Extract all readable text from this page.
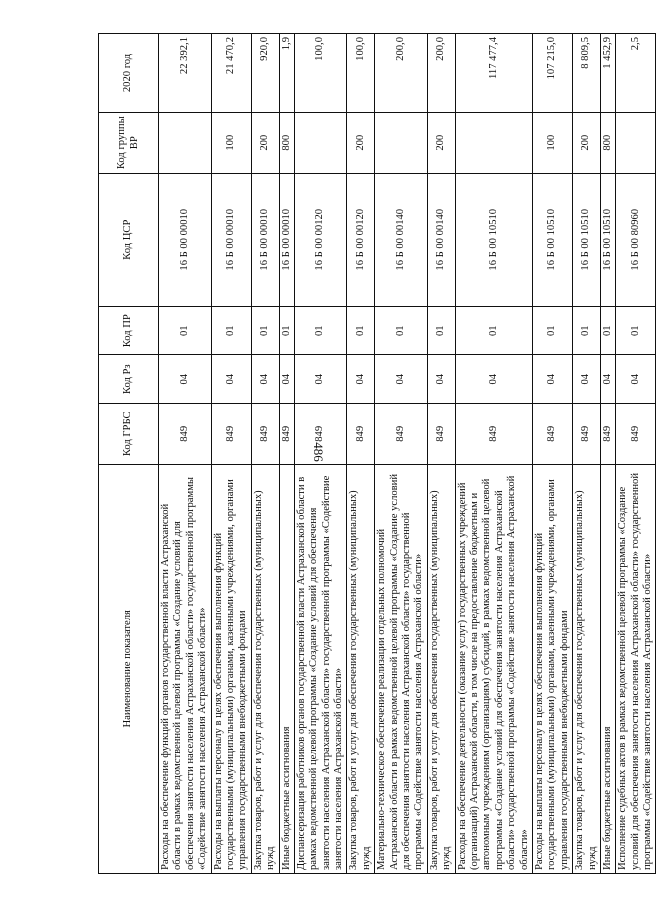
486
Наименование показателя	Код ГРБС	Код Рз	Код ПР	Код ЦСР	Код группы ВР	2020 год
Расходы на обеспечение функций органов государственной власти Астраханской области в рамках ведомственной целевой программы «Создание условий для обеспечения занятости населения Астраханской области» государственной программы «Содействие занятости населения Астраханской области»	849	04	01	16 Б 00 00010		22 392,1
Расходы на выплаты персоналу в целях обеспечения выполнения функций государственными (муниципальными) органами, казенными учреждениями, органами управления государственными внебюджетными фондами	849	04	01	16 Б 00 00010	100	21 470,2
Закупка товаров, работ и услуг для обеспечения государственных (муниципальных) нужд	849	04	01	16 Б 00 00010	200	920,0
Иные бюджетные ассигнования	849	04	01	16 Б 00 00010	800	1,9
Диспансеризация работников органов государственной власти Астраханской области в рамках ведомственной целевой программы «Создание условий для обеспечения занятости населения Астраханской области» государственной программы «Содействие занятости населения Астраханской области»	849	04	01	16 Б 00 00120		100,0
Закупка товаров, работ и услуг для обеспечения государственных (муниципальных) нужд	849	04	01	16 Б 00 00120	200	100,0
Материально-техническое обеспечение реализации отдельных полномочий Астраханской области в рамках ведомственной целевой программы «Создание условий для обеспечения занятости населения Астраханской области» государственной программы «Содействие занятости населения Астраханской области»	849	04	01	16 Б 00 00140		200,0
Закупка товаров, работ и услуг для обеспечения государственных (муниципальных) нужд	849	04	01	16 Б 00 00140	200	200,0
Расходы на обеспечение деятельности (оказание услуг) государственных учреждений (организаций) Астраханской области, в том числе на предоставление бюджетным и автономным учреждениям (организациям) субсидий, в рамках ведомственной целевой программы «Создание условий для обеспечения занятости населения Астраханской области» государственной программы «Содействие занятости населения Астраханской области»	849	04	01	16 Б 00 10510		117 477,4
Расходы на выплаты персоналу в целях обеспечения выполнения функций государственными (муниципальными) органами, казенными учреждениями, органами управления государственными внебюджетными фондами	849	04	01	16 Б 00 10510	100	107 215,0
Закупка товаров, работ и услуг для обеспечения государственных (муниципальных) нужд	849	04	01	16 Б 00 10510	200	8 809,5
Иные бюджетные ассигнования	849	04	01	16 Б 00 10510	800	1 452,9
Исполнение судебных актов в рамках ведомственной целевой программы «Создание условий для обеспечения занятости населения Астраханской области» государственной программы «Содействие занятости населения Астраханской области»	849	04	01	16 Б 00 80960		2,5
